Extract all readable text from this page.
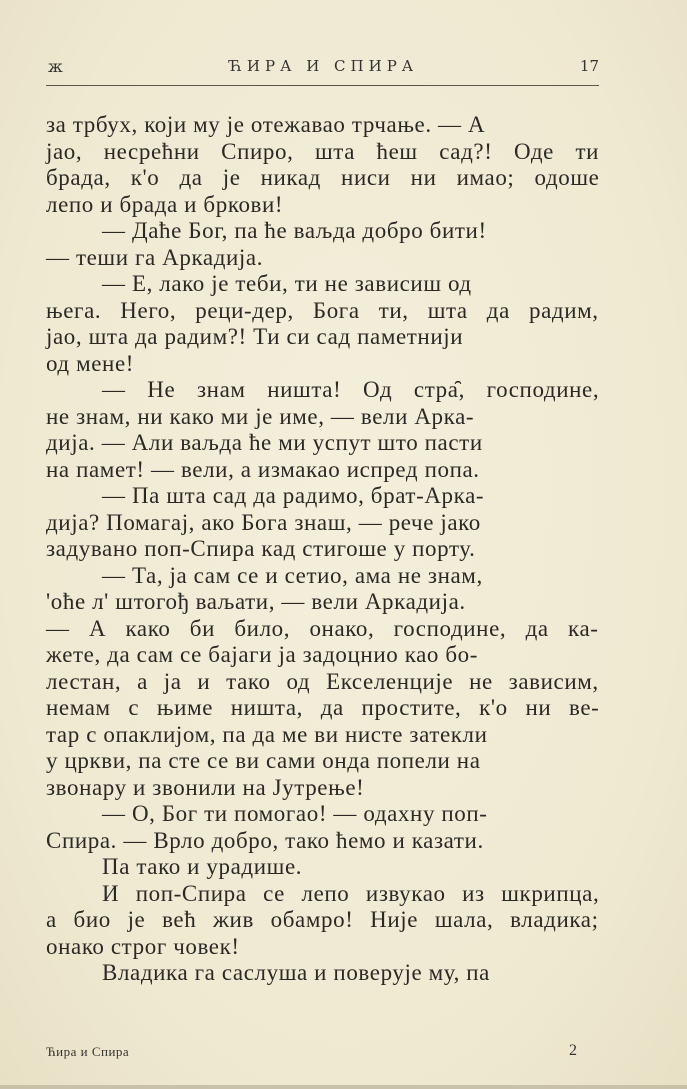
ж	ЋИРА И СПИРА	17
за трбух, који му је отежавао трчање. — А
јао, несрећни Спиро, шта ћеш сад?! Оде ти
брада, к'о да је никад ниси ни имао; одоше
лепо и брада и бркови!
— Даће Бог, па ће ваљда добро бити!
— теши га Аркадија.
— Е, лако је теби, ти не зависиш од
њега. Него, реци-дер, Бога ти, шта да радим,
јао, шта да радим?! Ти си сад паметнији
од мене!
— Не знам ништа! Од стра̑, господине,
не знам, ни како ми је име, — вели Арка-
дија. — Али ваљда ће ми успут што пасти
на памет! — вели, а измакао испред попа.
— Па шта сад да радимо, брат-Арка-
дија? Помагај, ако Бога знаш, — рече јако
задувано поп-Спира кад стигоше у порту.
— Та, ја сам се и сетио, ама не знам,
'оће л' штогођ ваљати, — вели Аркадија.
— А како би било, онако, господине, да ка-
жете, да сам се бајаги ја задоцнио као бо-
лестан, а ја и тако од Екселенције не зависим,
немам с њиме ништа, да простите, к'о ни ве-
тар с опаклијом, па да ме ви нисте затекли
у цркви, па сте се ви сами онда попели на
звонару и звонили на Јутрење!
— О, Бог ти помогао! — одахну поп-
Спира. — Врло добро, тако ћемо и казати.
Па тако и урадише.
И поп-Спира се лепо извукао из шкрипца,
а био је већ жив обамро! Није шала, владика;
онако строг човек!
Владика га саслуша и поверује му, па
Ћира и Спира	2
